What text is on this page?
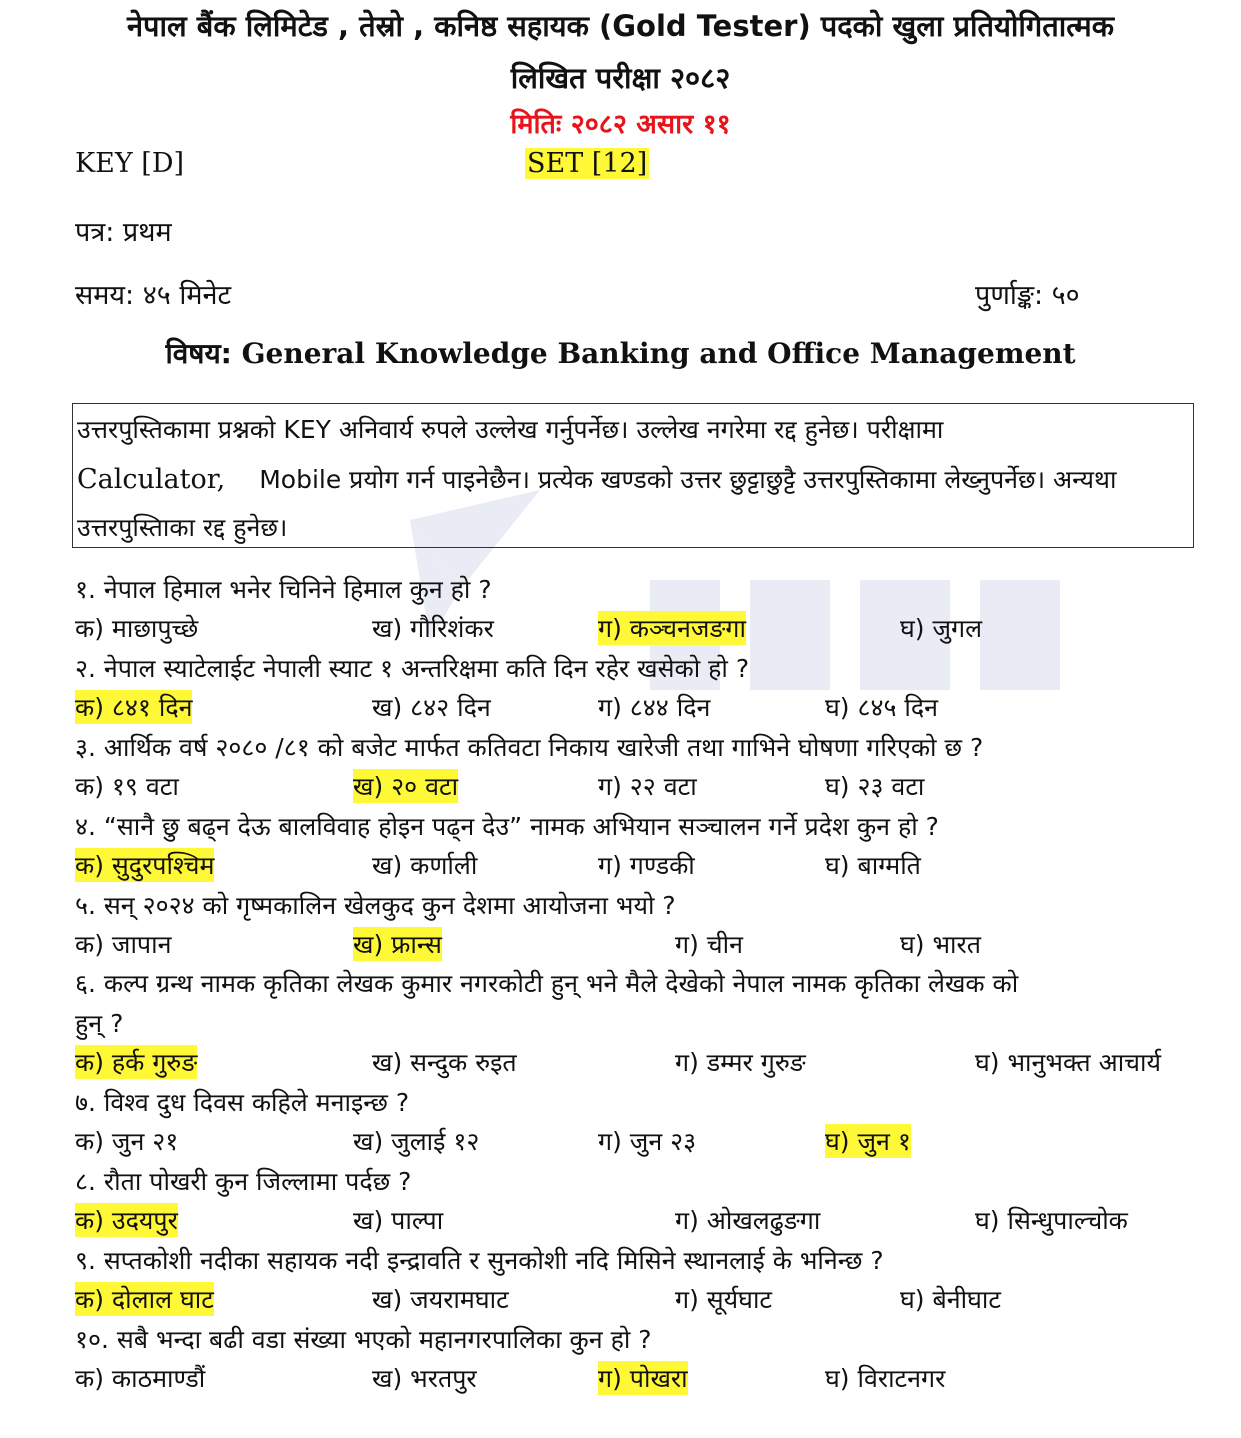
नेपाल बैंक लिमिटेड , तेस्रो , कनिष्ठ सहायक (Gold Tester) पदको खुला प्रतियोगितात्मक
लिखित परीक्षा २०८२
मितिः २०८२ असार ११
KEY [D]	SET [12]
पत्र: प्रथम
समय: ४५ मिनेट	पुर्णाङ्क: ५०
विषय: General Knowledge Banking and Office Management

उत्तरपुस्तिकामा प्रश्नको KEY अनिवार्य रुपले उल्लेख गर्नुपर्नेछ। उल्लेख नगरेमा रद्द हुनेछ। परीक्षामा

Calculator, Mobile प्रयोग गर्न पाइनेछैन। प्रत्येक खण्डको उत्तर छुट्टाछुट्टै उत्तरपुस्तिकामा लेख्नुपर्नेछ। अन्यथा

उत्तरपुस्तिाका रद्द हुनेछ।

१. नेपाल हिमाल भनेर चिनिने हिमाल कुन हो ?
क) माछापुच्छे	ख) गौरिशंकर	ग) कञ्चनजङगा	घ) जुगल
२. नेपाल स्याटेलाईट नेपाली स्याट १ अन्तरिक्षमा कति दिन रहेर खसेको हो ?
क) ८४१ दिन	ख) ८४२ दिन	ग) ८४४ दिन	घ) ८४५ दिन
३. आर्थिक वर्ष २०८० /८१ को बजेट मार्फत कतिवटा निकाय खारेजी तथा गाभिने घोषणा गरिएको छ ?
क) १९ वटा	ख) २० वटा	ग) २२ वटा	घ) २३ वटा
४. “सानै छु बढ्न देऊ बालविवाह होइन पढ्न देउ” नामक अभियान सञ्चालन गर्ने प्रदेश कुन हो ?
क) सुदुरपश्चिम	ख) कर्णाली	ग) गण्डकी	घ) बाग्मति
५. सन् २०२४ को गृष्मकालिन खेलकुद कुन देशमा आयोजना भयो ?
क) जापान	ख) फ्रान्स	ग) चीन	घ) भारत
६. कल्प ग्रन्थ नामक कृतिका लेखक कुमार नगरकोटी हुन् भने मैले देखेको नेपाल नामक कृतिका लेखक को
हुन् ?
क) हर्क गुरुङ	ख) सन्दुक रुइत	ग) डम्मर गुरुङ	घ) भानुभक्त आचार्य
७. विश्व दुध दिवस कहिले मनाइन्छ ?
क) जुन २१	ख) जुलाई १२	ग) जुन २३	घ) जुन १
८. रौता पोखरी कुन जिल्लामा पर्दछ ?
क) उदयपुर	ख) पाल्पा	ग) ओखलढुङगा	घ) सिन्धुपाल्चोक
९. सप्तकोशी नदीका सहायक नदी इन्द्रावति र सुनकोशी नदि मिसिने स्थानलाई के भनिन्छ ?
क) दोलाल घाट	ख) जयरामघाट	ग) सूर्यघाट	घ) बेनीघाट
१०. सबै भन्दा बढी वडा संख्या भएको महानगरपालिका कुन हो ?
क) काठमाण्डौं	ख) भरतपुर	ग) पोखरा	घ) विराटनगर
